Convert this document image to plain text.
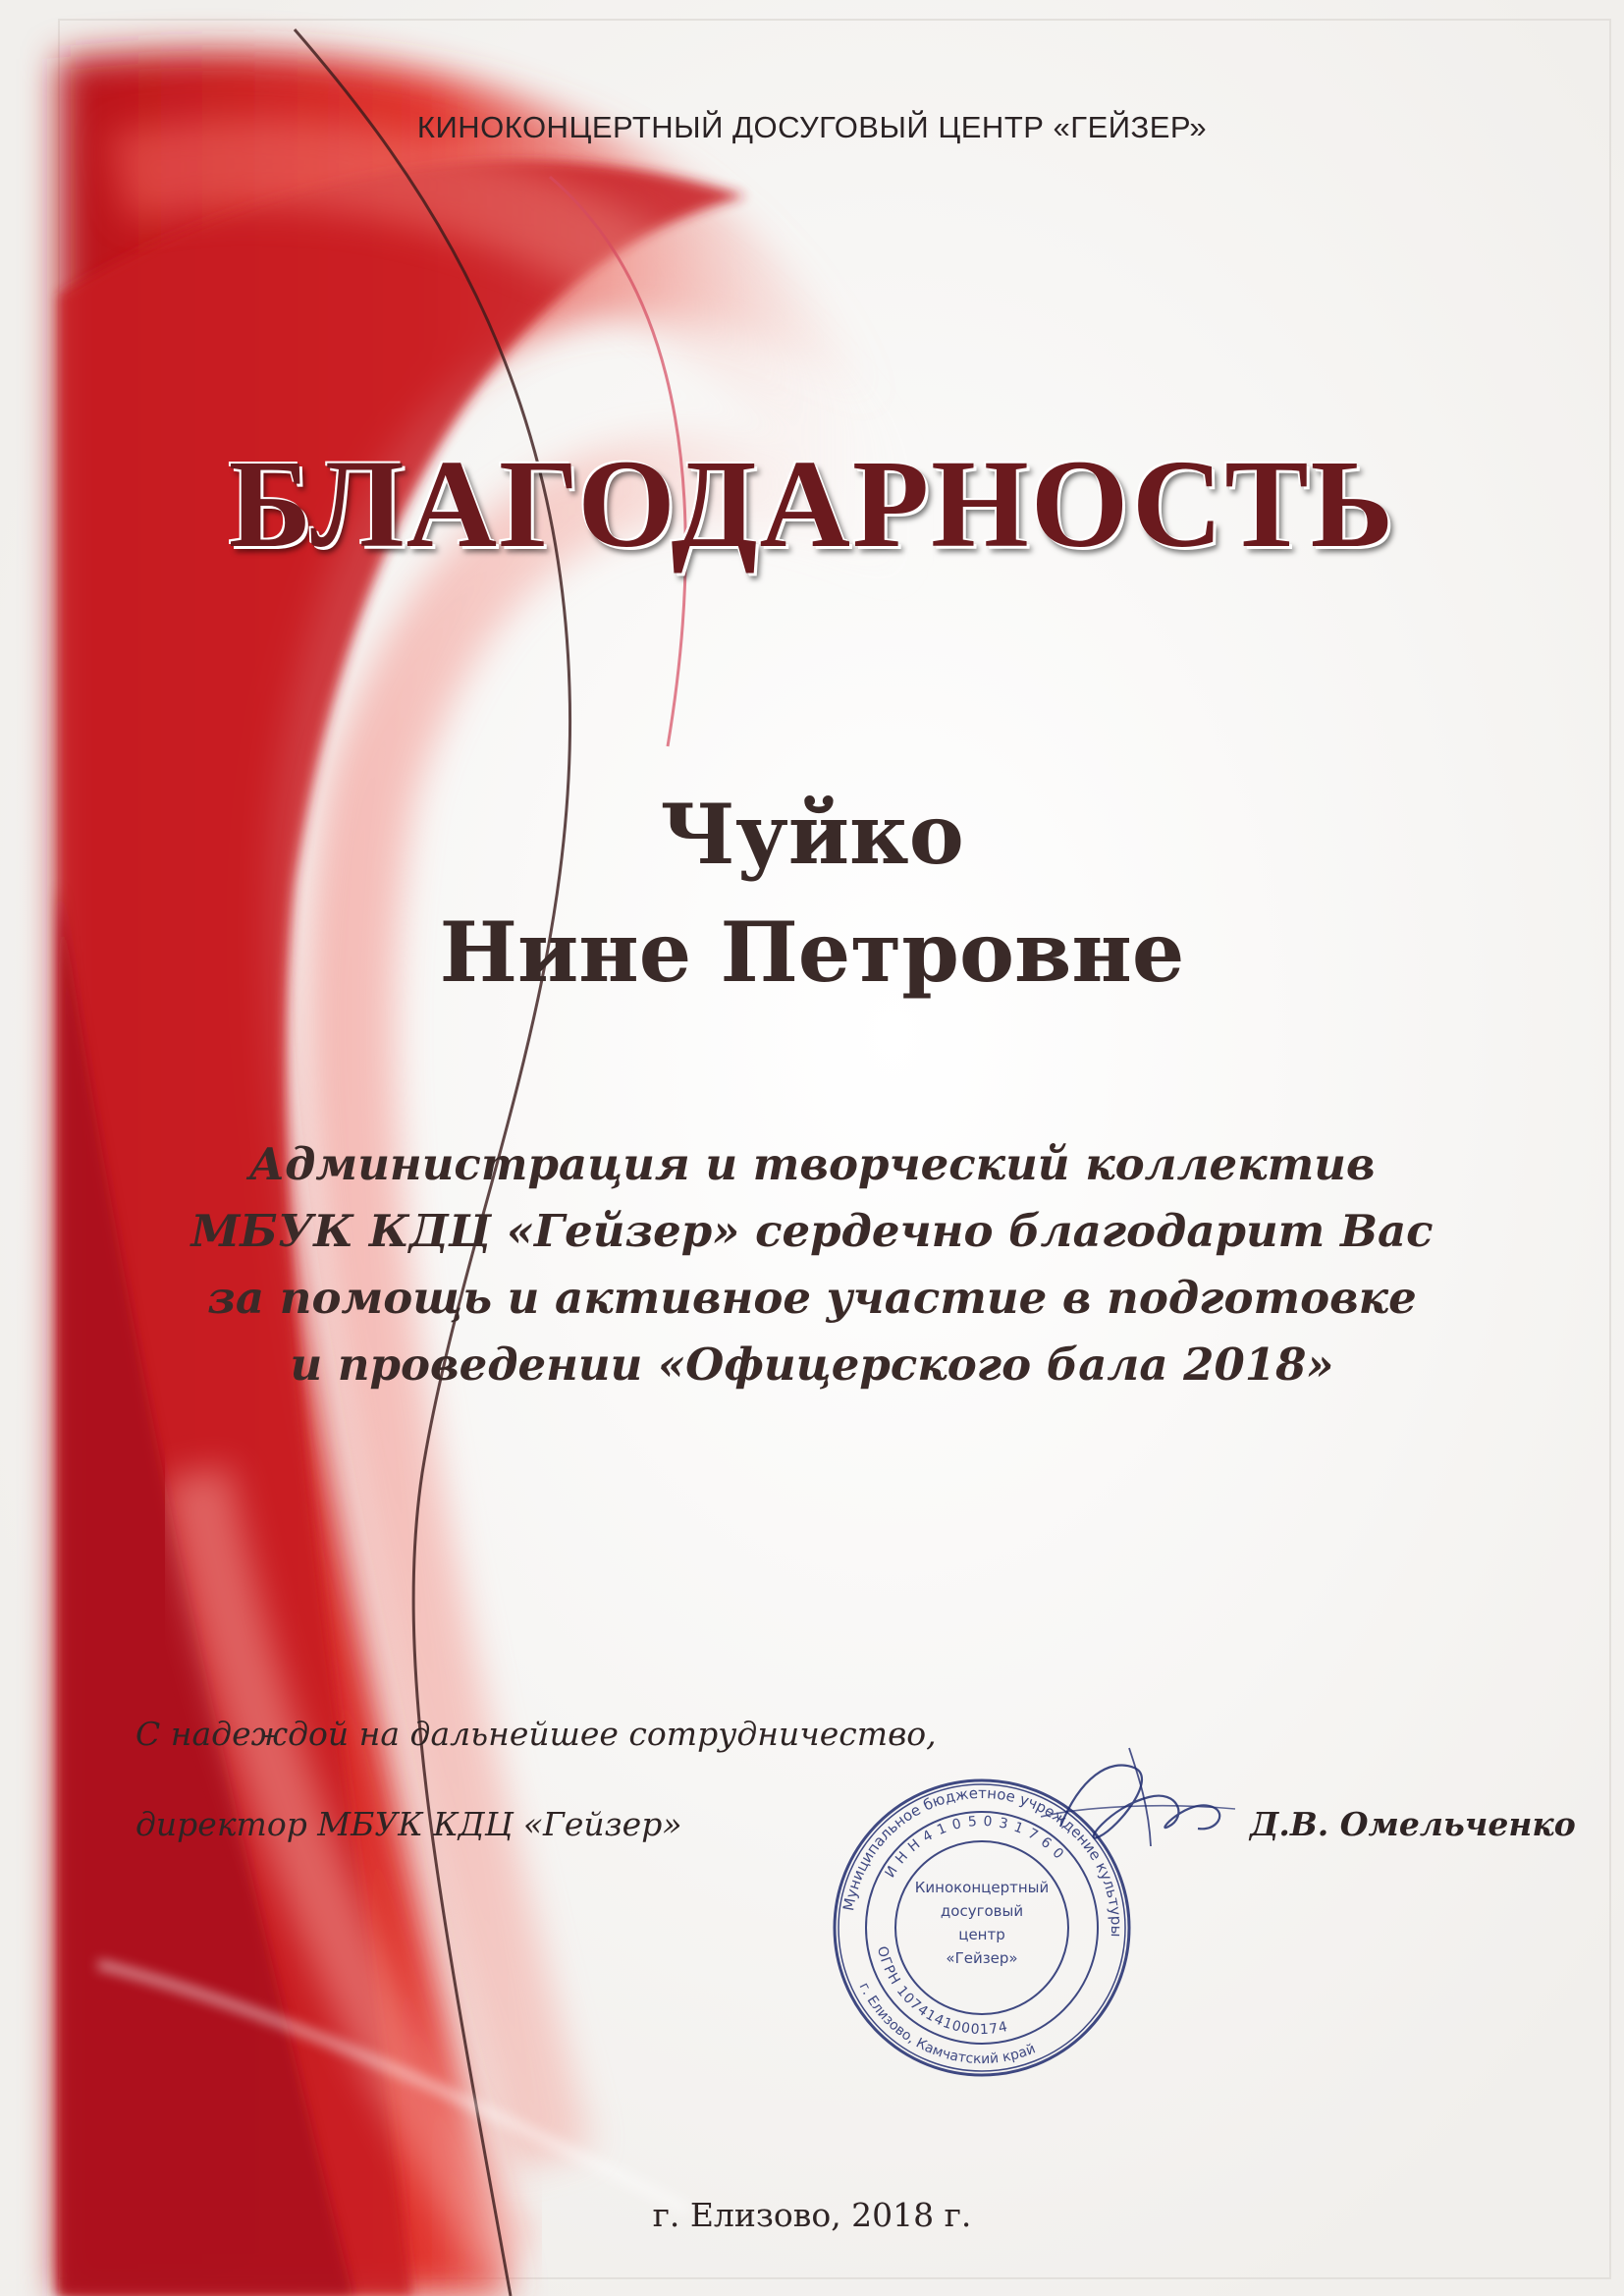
КИНОКОНЦЕРТНЫЙ ДОСУГОВЫЙ ЦЕНТР «ГЕЙЗЕР»
БЛАГОДАРНОСТЬ
Чуйко
Нине Петровне
Администрация и творческий коллектив
МБУК КДЦ «Гейзер» сердечно благодарит Вас
за помощь и активное участие в подготовке
и проведении «Офицерского бала 2018»
С надеждой на дальнейшее сотрудничество,
директор МБУК КДЦ «Гейзер»	Д.В. Омельченко
Муниципальное бюджетное учреждение культуры
И Н Н 4 1 0 5 0 3 1 7 6 0
г. Елизово, Камчатский край
ОГРН 1074141000174
Киноконцертный
досуговый
центр
«Гейзер»
г. Елизово, 2018 г.
